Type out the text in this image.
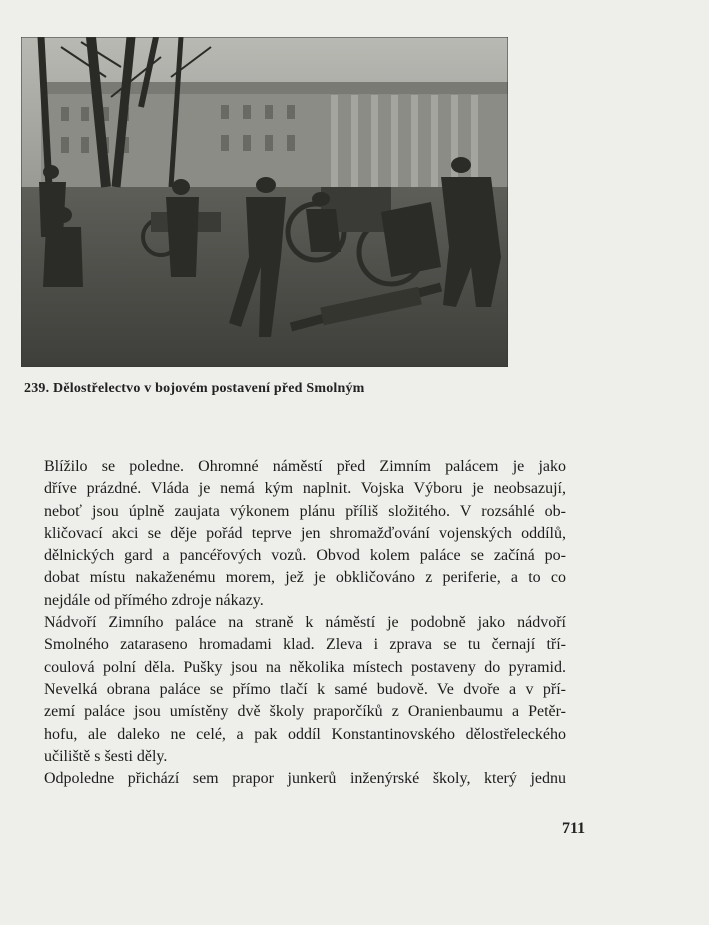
239. Dělostřelectvo v bojovém postavení před Smolným

Blížilo se poledne. Ohromné náměstí před Zimním palácem je jako
dříve prázdné. Vláda je nemá kým naplnit. Vojska Výboru je neobsazují,
neboť jsou úplně zaujata výkonem plánu příliš složitého. V rozsáhlé ob-
kličovací akci se děje pořád teprve jen shromažďování vojenských oddílů,
dělnických gard a pancéřových vozů. Obvod kolem paláce se začíná po-
dobat místu nakaženému morem, jež je obkličováno z periferie, a to co
nejdále od přímého zdroje nákazy.

Nádvoří Zimního paláce na straně k náměstí je podobně jako nádvoří
Smolného zataraseno hromadami klad. Zleva i zprava se tu černají tří-
coulová polní děla. Pušky jsou na několika místech postaveny do pyramid.
Nevelká obrana paláce se přímo tlačí k samé budově. Ve dvoře a v pří-
zemí paláce jsou umístěny dvě školy praporčíků z Oranienbaumu a Petěr-
hofu, ale daleko ne celé, a pak oddíl Konstantinovského dělostřeleckého
učiliště s šesti děly.

Odpoledne přichází sem prapor junkerů inženýrské školy, který jednu

711
